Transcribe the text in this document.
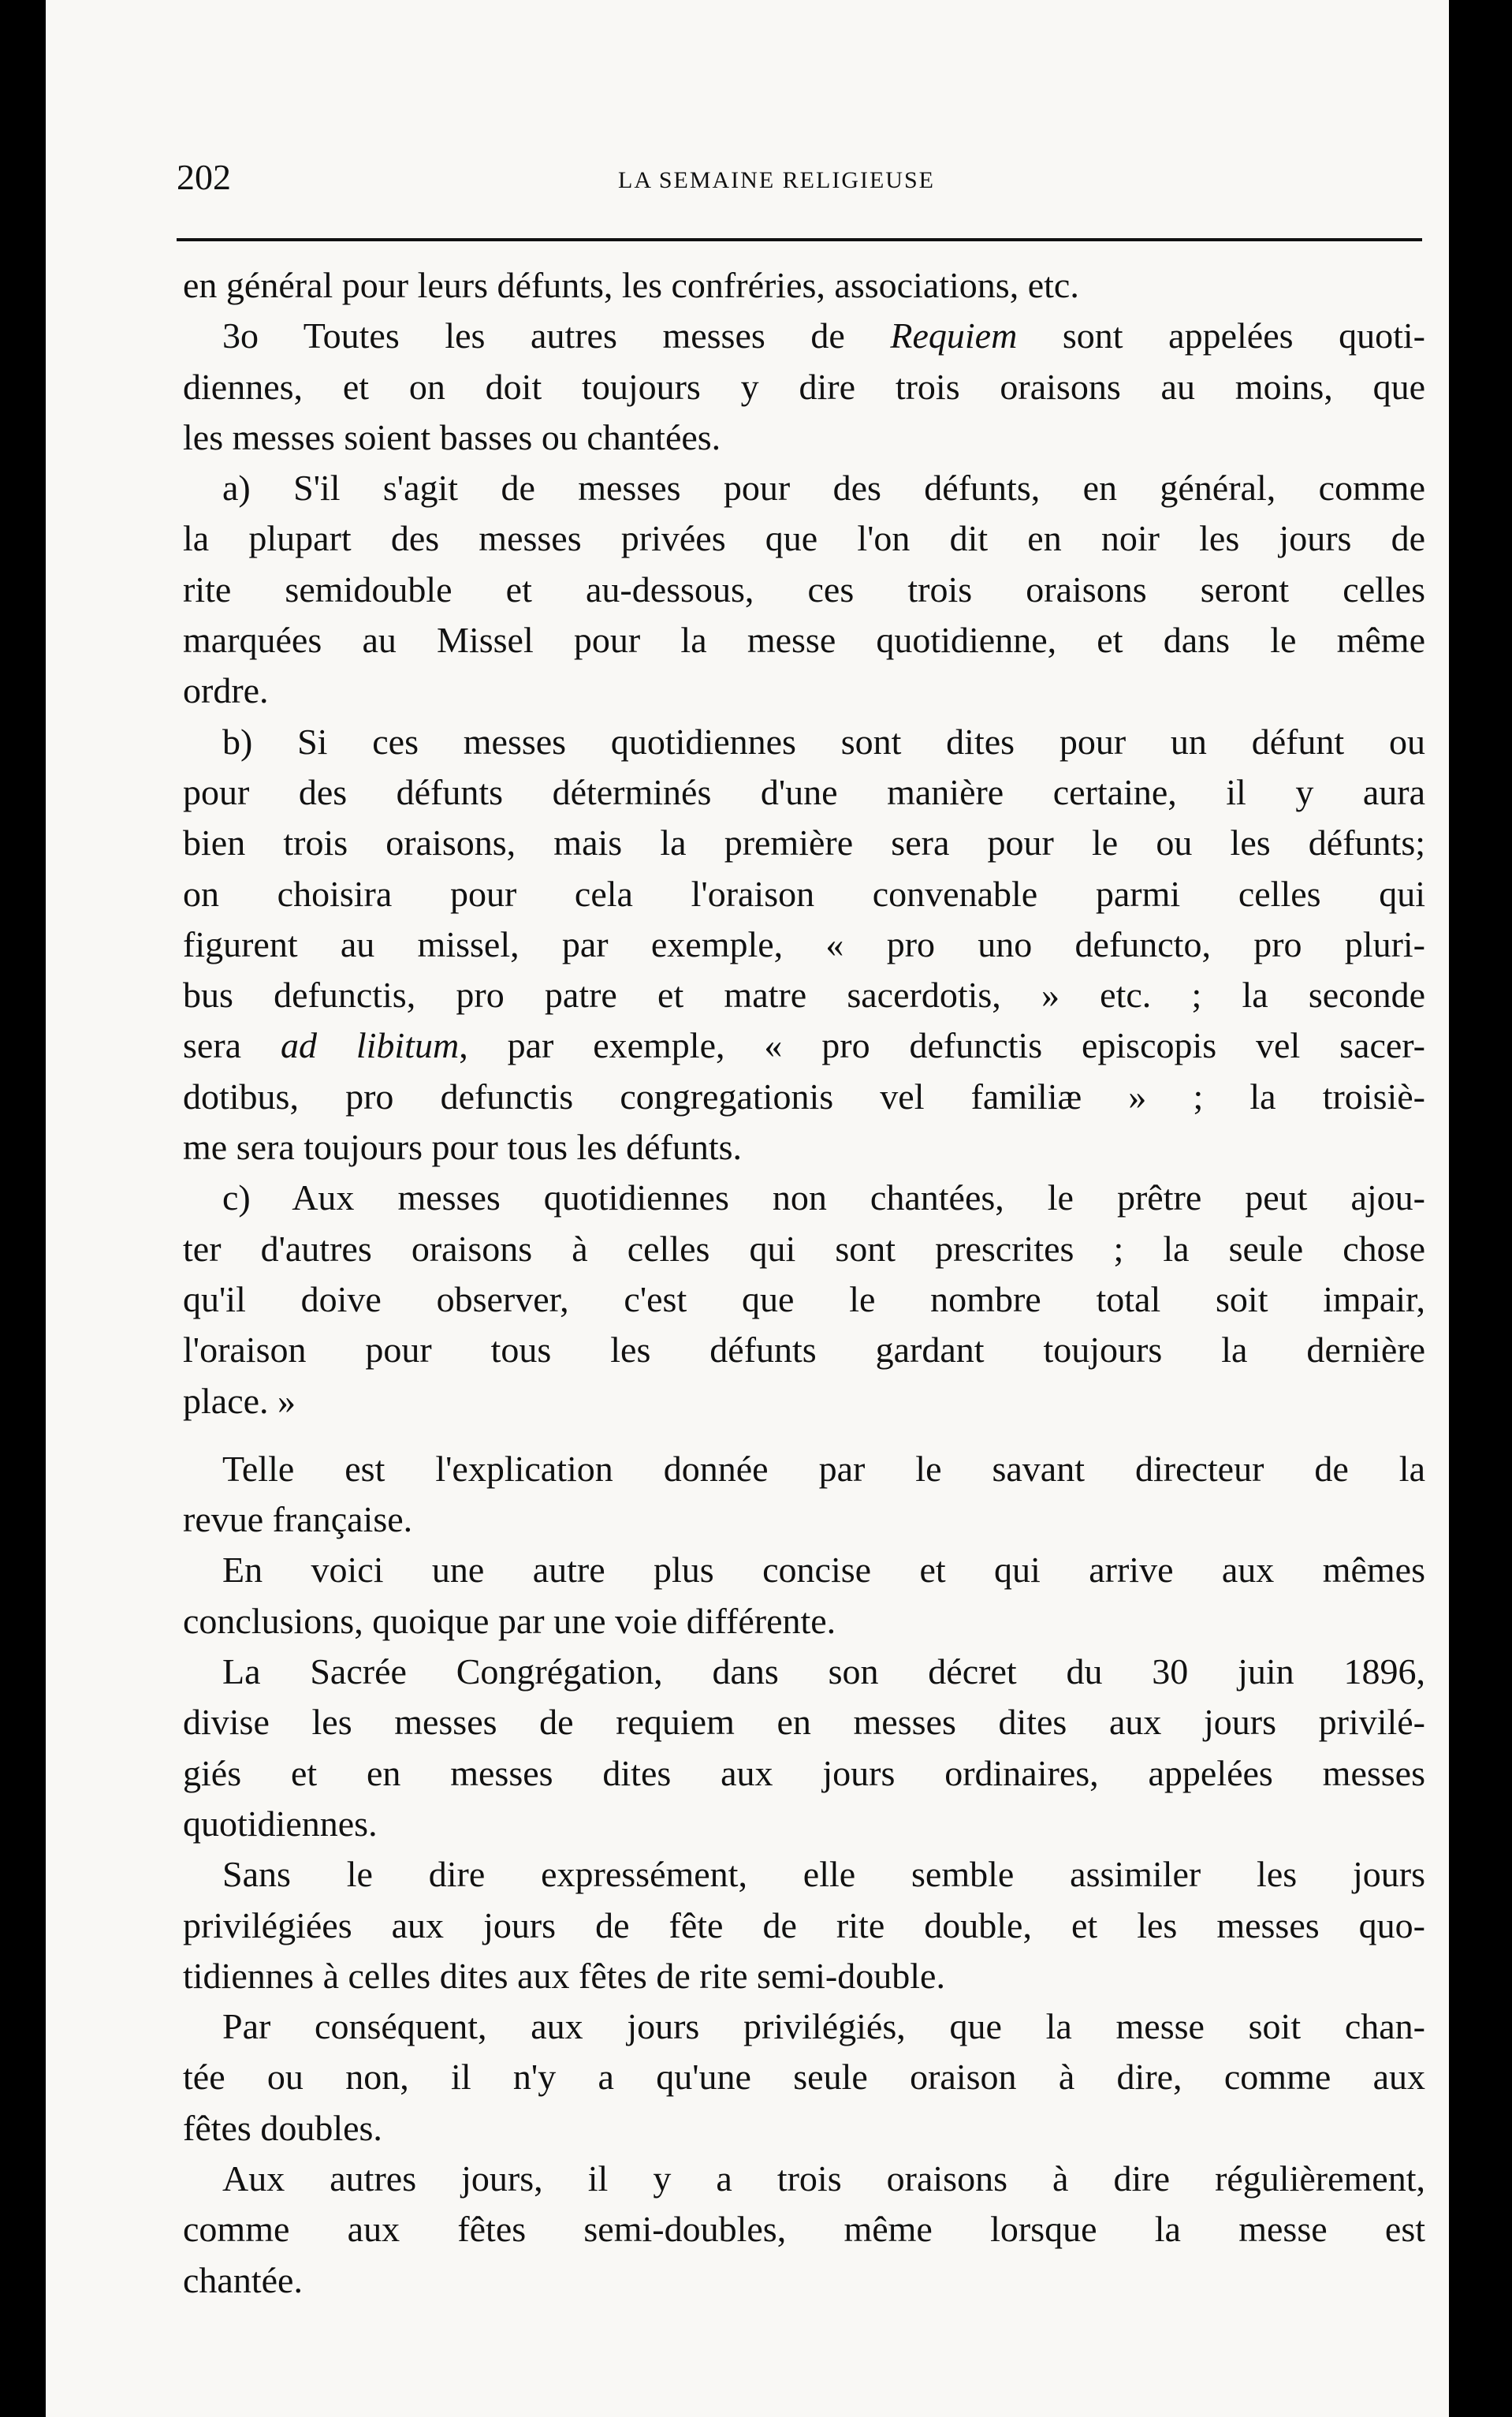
202	LA SEMAINE RELIGIEUSE
en général pour leurs défunts, les confréries, associations, etc.
3o Toutes les autres messes de Requiem sont appelées quoti-
diennes, et on doit toujours y dire trois oraisons au moins, que
les messes soient basses ou chantées.
a) S'il s'agit de messes pour des défunts, en général, comme
la plupart des messes privées que l'on dit en noir les jours de
rite semidouble et au-dessous, ces trois oraisons seront celles
marquées au Missel pour la messe quotidienne, et dans le même
ordre.
b) Si ces messes quotidiennes sont dites pour un défunt ou
pour des défunts déterminés d'une manière certaine, il y aura
bien trois oraisons, mais la première sera pour le ou les défunts;
on choisira pour cela l'oraison convenable parmi celles qui
figurent au missel, par exemple, « pro uno defuncto, pro pluri-
bus defunctis, pro patre et matre sacerdotis, » etc. ; la seconde
sera ad libitum, par exemple, « pro defunctis episcopis vel sacer-
dotibus, pro defunctis congregationis vel familiæ » ; la troisiè-
me sera toujours pour tous les défunts.
c) Aux messes quotidiennes non chantées, le prêtre peut ajou-
ter d'autres oraisons à celles qui sont prescrites ; la seule chose
qu'il doive observer, c'est que le nombre total soit impair,
l'oraison pour tous les défunts gardant toujours la dernière
place. »
Telle est l'explication donnée par le savant directeur de la
revue française.
En voici une autre plus concise et qui arrive aux mêmes
conclusions, quoique par une voie différente.
La Sacrée Congrégation, dans son décret du 30 juin 1896,
divise les messes de requiem en messes dites aux jours privilé-
giés et en messes dites aux jours ordinaires, appelées messes
quotidiennes.
Sans le dire expressément, elle semble assimiler les jours
privilégiées aux jours de fête de rite double, et les messes quo-
tidiennes à celles dites aux fêtes de rite semi-double.
Par conséquent, aux jours privilégiés, que la messe soit chan-
tée ou non, il n'y a qu'une seule oraison à dire, comme aux
fêtes doubles.
Aux autres jours, il y a trois oraisons à dire régulièrement,
comme aux fêtes semi-doubles, même lorsque la messe est
chantée.
